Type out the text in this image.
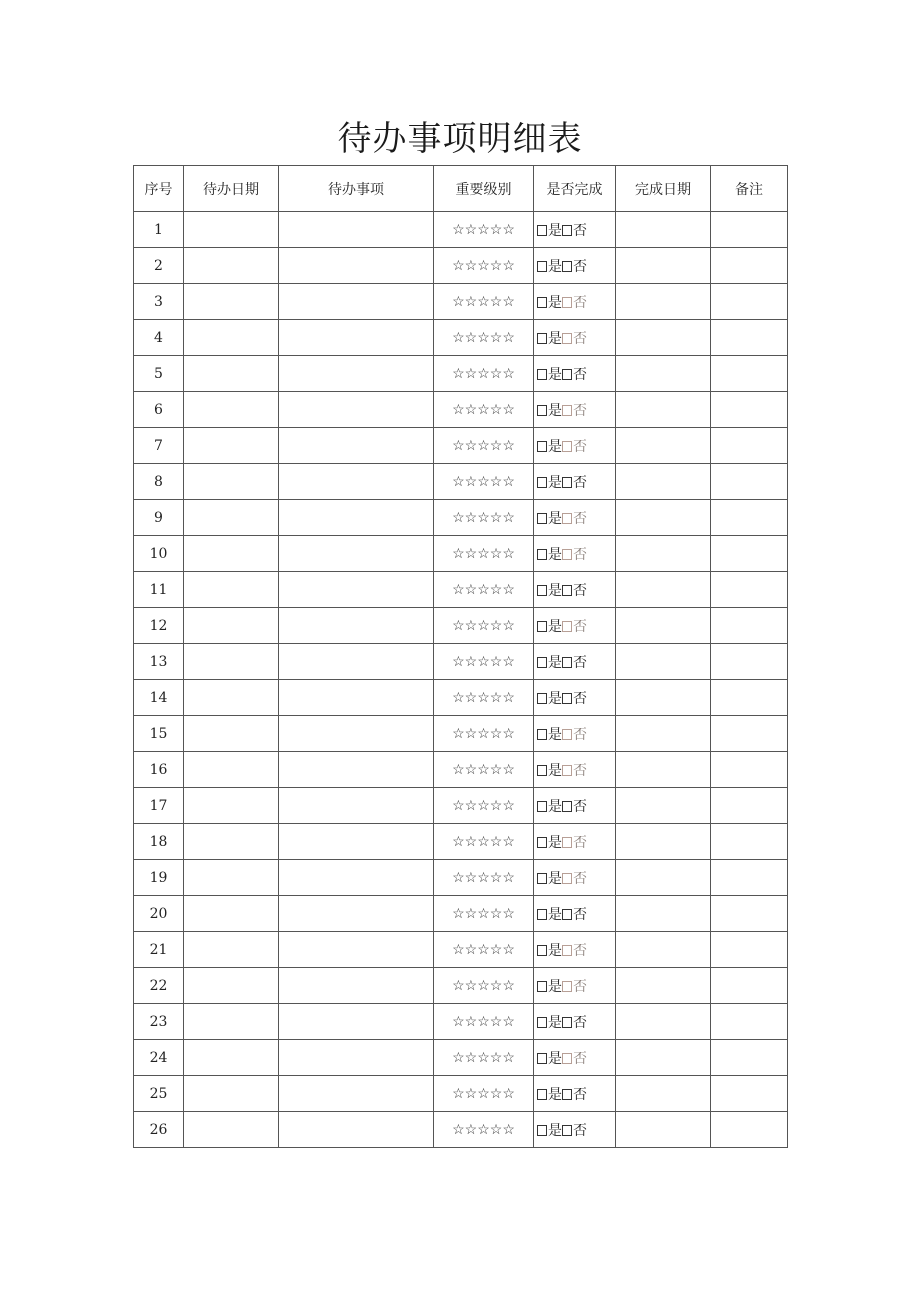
待办事项明细表
序号	待办日期	待办事项	重要级别	是否完成	完成日期	备注
1			☆☆☆☆☆	是 否		
2			☆☆☆☆☆	是 否		
3			☆☆☆☆☆	是 否		
4			☆☆☆☆☆	是 否		
5			☆☆☆☆☆	是 否		
6			☆☆☆☆☆	是 否		
7			☆☆☆☆☆	是 否		
8			☆☆☆☆☆	是 否		
9			☆☆☆☆☆	是 否		
10			☆☆☆☆☆	是 否		
11			☆☆☆☆☆	是 否		
12			☆☆☆☆☆	是 否		
13			☆☆☆☆☆	是 否		
14			☆☆☆☆☆	是 否		
15			☆☆☆☆☆	是 否		
16			☆☆☆☆☆	是 否		
17			☆☆☆☆☆	是 否		
18			☆☆☆☆☆	是 否		
19			☆☆☆☆☆	是 否		
20			☆☆☆☆☆	是 否		
21			☆☆☆☆☆	是 否		
22			☆☆☆☆☆	是 否		
23			☆☆☆☆☆	是 否		
24			☆☆☆☆☆	是 否		
25			☆☆☆☆☆	是 否		
26			☆☆☆☆☆	是 否		
